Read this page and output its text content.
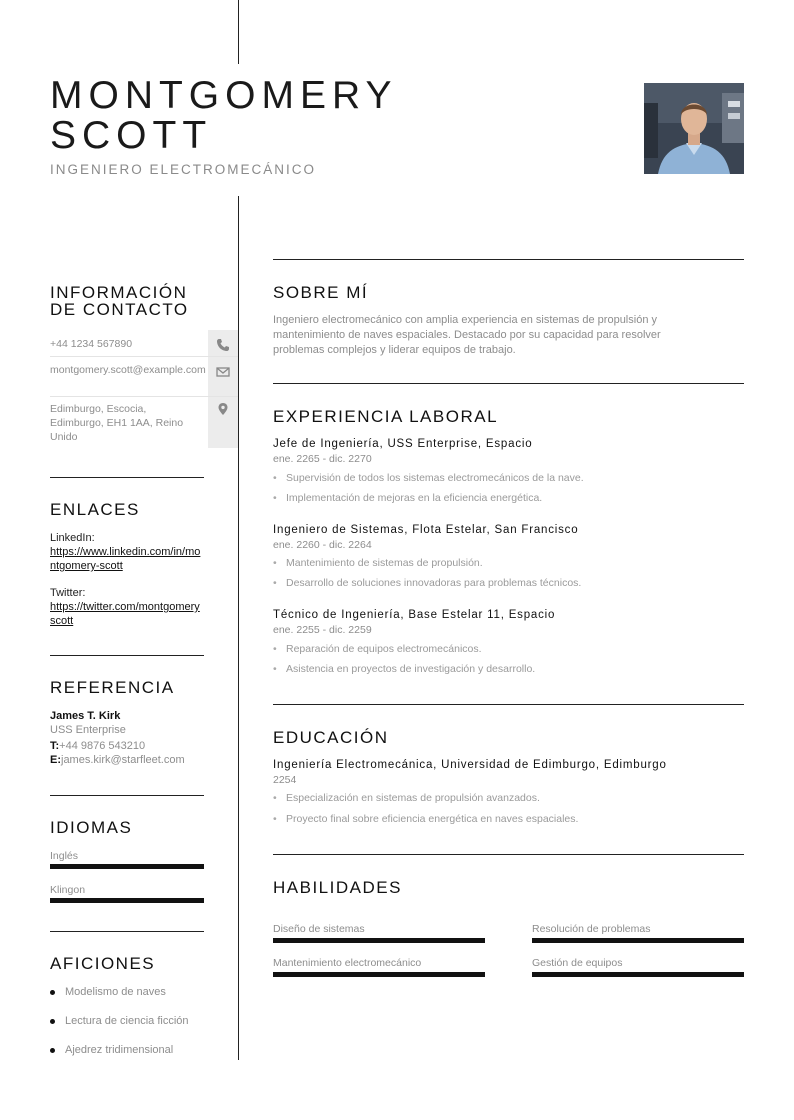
MONTGOMERY
SCOTT
INGENIERO ELECTROMECÁNICO
INFORMACIÓN
DE CONTACTO
+44 1234 567890
montgomery.scott@example.com
Edimburgo, Escocia, Edimburgo, EH1 1AA, Reino Unido
ENLACES
LinkedIn:
https://www.linkedin.com/in/montgomery-scott
Twitter:
https://twitter.com/montgomeryscott
REFERENCIA
James T. Kirk
USS Enterprise
T:+44 9876 543210
E:james.kirk@starfleet.com
IDIOMAS
Inglés
Klingon
AFICIONES
Modelismo de naves
Lectura de ciencia ficción
Ajedrez tridimensional
SOBRE MÍ
Ingeniero electromecánico con amplia experiencia en sistemas de propulsión y
mantenimiento de naves espaciales. Destacado por su capacidad para resolver
problemas complejos y liderar equipos de trabajo.
EXPERIENCIA LABORAL
Jefe de Ingeniería, USS Enterprise, Espacio
ene. 2265 - dic. 2270
• Supervisión de todos los sistemas electromecánicos de la nave.
• Implementación de mejoras en la eficiencia energética.
Ingeniero de Sistemas, Flota Estelar, San Francisco
ene. 2260 - dic. 2264
• Mantenimiento de sistemas de propulsión.
• Desarrollo de soluciones innovadoras para problemas técnicos.
Técnico de Ingeniería, Base Estelar 11, Espacio
ene. 2255 - dic. 2259
• Reparación de equipos electromecánicos.
• Asistencia en proyectos de investigación y desarrollo.
EDUCACIÓN
Ingeniería Electromecánica, Universidad de Edimburgo, Edimburgo
2254
• Especialización en sistemas de propulsión avanzados.
• Proyecto final sobre eficiencia energética en naves espaciales.
HABILIDADES
Diseño de sistemas	Resolución de problemas
Mantenimiento electromecánico	Gestión de equipos
